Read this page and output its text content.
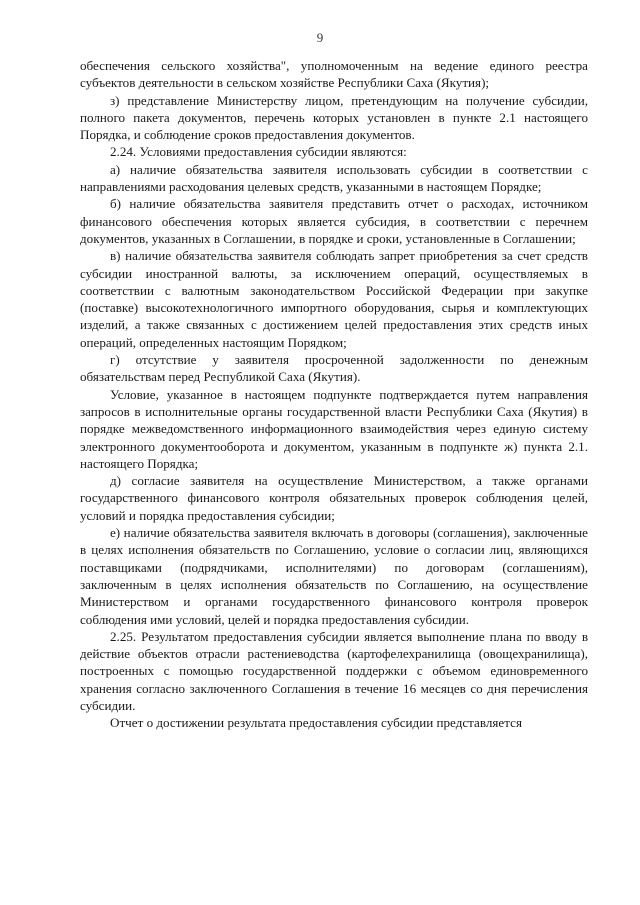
9

обеспечения сельского хозяйства", уполномоченным на ведение единого реестра субъектов деятельности в сельском хозяйстве Республики Саха (Якутия);

з) представление Министерству лицом, претендующим на получение субсидии, полного пакета документов, перечень которых установлен в пункте 2.1 настоящего Порядка, и соблюдение сроков предоставления документов.

2.24. Условиями предоставления субсидии являются:

а) наличие обязательства заявителя использовать субсидии в соответствии с направлениями расходования целевых средств, указанными в настоящем Порядке;

б) наличие обязательства заявителя представить отчет о расходах, источником финансового обеспечения которых является субсидия, в соответствии с перечнем документов, указанных в Соглашении, в порядке и сроки, установленные в Соглашении;

в) наличие обязательства заявителя соблюдать запрет приобретения за счет средств субсидии иностранной валюты, за исключением операций, осуществляемых в соответствии с валютным законодательством Российской Федерации при закупке (поставке) высокотехнологичного импортного оборудования, сырья и комплектующих изделий, а также связанных с достижением целей предоставления этих средств иных операций, определенных настоящим Порядком;

г) отсутствие у заявителя просроченной задолженности по денежным обязательствам перед Республикой Саха (Якутия).

Условие, указанное в настоящем подпункте подтверждается путем направления запросов в исполнительные органы государственной власти Республики Саха (Якутия) в порядке межведомственного информационного взаимодействия через единую систему электронного документооборота и документом, указанным в подпункте ж) пункта 2.1. настоящего Порядка;

д) согласие заявителя на осуществление Министерством, а также органами государственного финансового контроля обязательных проверок соблюдения целей, условий и порядка предоставления субсидии;

е) наличие обязательства заявителя включать в договоры (соглашения), заключенные в целях исполнения обязательств по Соглашению, условие о согласии лиц, являющихся поставщиками (подрядчиками, исполнителями) по договорам (соглашениям), заключенным в целях исполнения обязательств по Соглашению, на осуществление Министерством и органами государственного финансового контроля проверок соблюдения ими условий, целей и порядка предоставления субсидии.

2.25. Результатом предоставления субсидии является выполнение плана по вводу в действие объектов отрасли растениеводства (картофелехранилища (овощехранилища), построенных с помощью государственной поддержки с объемом единовременного хранения согласно заключенного Соглашения в течение 16 месяцев со дня перечисления субсидии.

Отчет о достижении результата предоставления субсидии представляется
